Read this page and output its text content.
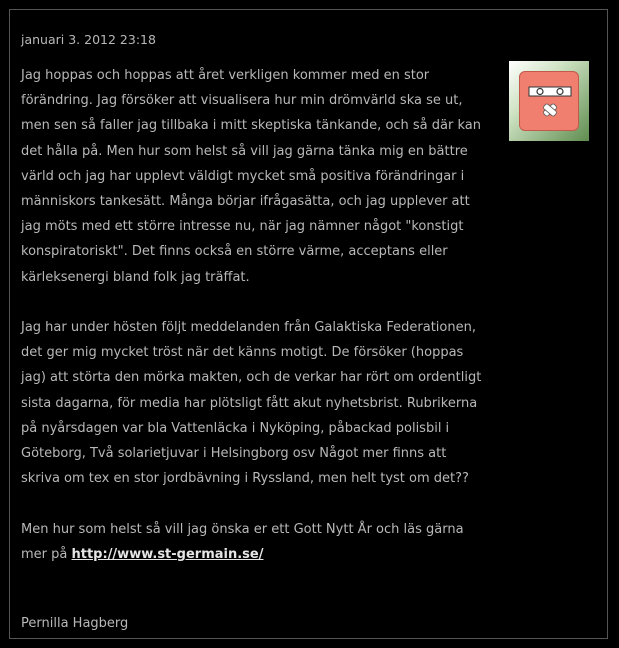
januari 3. 2012 23:18

Jag hoppas och hoppas att året verkligen kommer med en stor förändring. Jag försöker att visualisera hur min drömvärld ska se ut, men sen så faller jag tillbaka i mitt skeptiska tänkande, och så där kan det hålla på. Men hur som helst så vill jag gärna tänka mig en bättre värld och jag har upplevt väldigt mycket små positiva förändringar i människors tankesätt. Många börjar ifrågasätta, och jag upplever att jag möts med ett större intresse nu, när jag nämner något "konstigt konspiratoriskt". Det finns också en större värme, acceptans eller kärleksenergi bland folk jag träffat.

Jag har under hösten följt meddelanden från Galaktiska Federationen, det ger mig mycket tröst när det känns motigt. De försöker (hoppas jag) att störta den mörka makten, och de verkar har rört om ordentligt sista dagarna, för media har plötsligt fått akut nyhetsbrist. Rubrikerna på nyårsdagen var bla Vattenläcka i Nyköping, påbackad polisbil i Göteborg, Två solarietjuvar i Helsingborg osv Något mer finns att skriva om tex en stor jordbävning i Ryssland, men helt tyst om det??

Men hur som helst så vill jag önska er ett Gott Nytt År och läs gärna mer på http://www.st-germain.se/

Pernilla Hagberg
